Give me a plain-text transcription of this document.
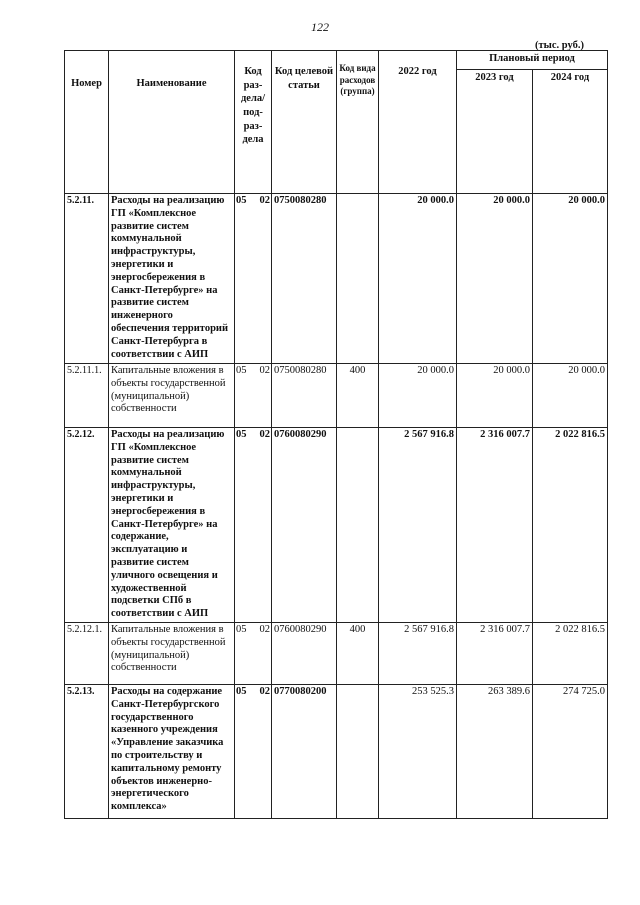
122
(тыс. руб.)
Номер	Наименование	Код раз-дела/под-раз-дела	Код целевой статьи	Код вида расходов (группа)	2022 год	Плановый период	
						2023 год	2024 год
5.2.11.	Расходы на реализацию ГП «Комплексное развитие систем коммунальной инфраструктуры, энергетики и энергосбережения в Санкт-Петербурге» на развитие систем инженерного обеспечения территорий Санкт-Петербурга в соответствии с АИП	05 02	0750080280		20 000.0	20 000.0	20 000.0
5.2.11.1.	Капитальные вложения в объекты государственной (муниципальной) собственности	05 02	0750080280	400	20 000.0	20 000.0	20 000.0
5.2.12.	Расходы на реализацию ГП «Комплексное развитие систем коммунальной инфраструктуры, энергетики и энергосбережения в Санкт-Петербурге» на содержание, эксплуатацию и развитие систем уличного освещения и художественной подсветки СПб в соответствии с АИП	05 02	0760080290		2 567 916.8	2 316 007.7	2 022 816.5
5.2.12.1.	Капитальные вложения в объекты государственной (муниципальной) собственности	05 02	0760080290	400	2 567 916.8	2 316 007.7	2 022 816.5
5.2.13.	Расходы на содержание Санкт-Петербургского государственного казенного учреждения «Управление заказчика по строительству и капитальному ремонту объектов инженерно-энергетического комплекса»	05 02	0770080200		253 525.3	263 389.6	274 725.0
